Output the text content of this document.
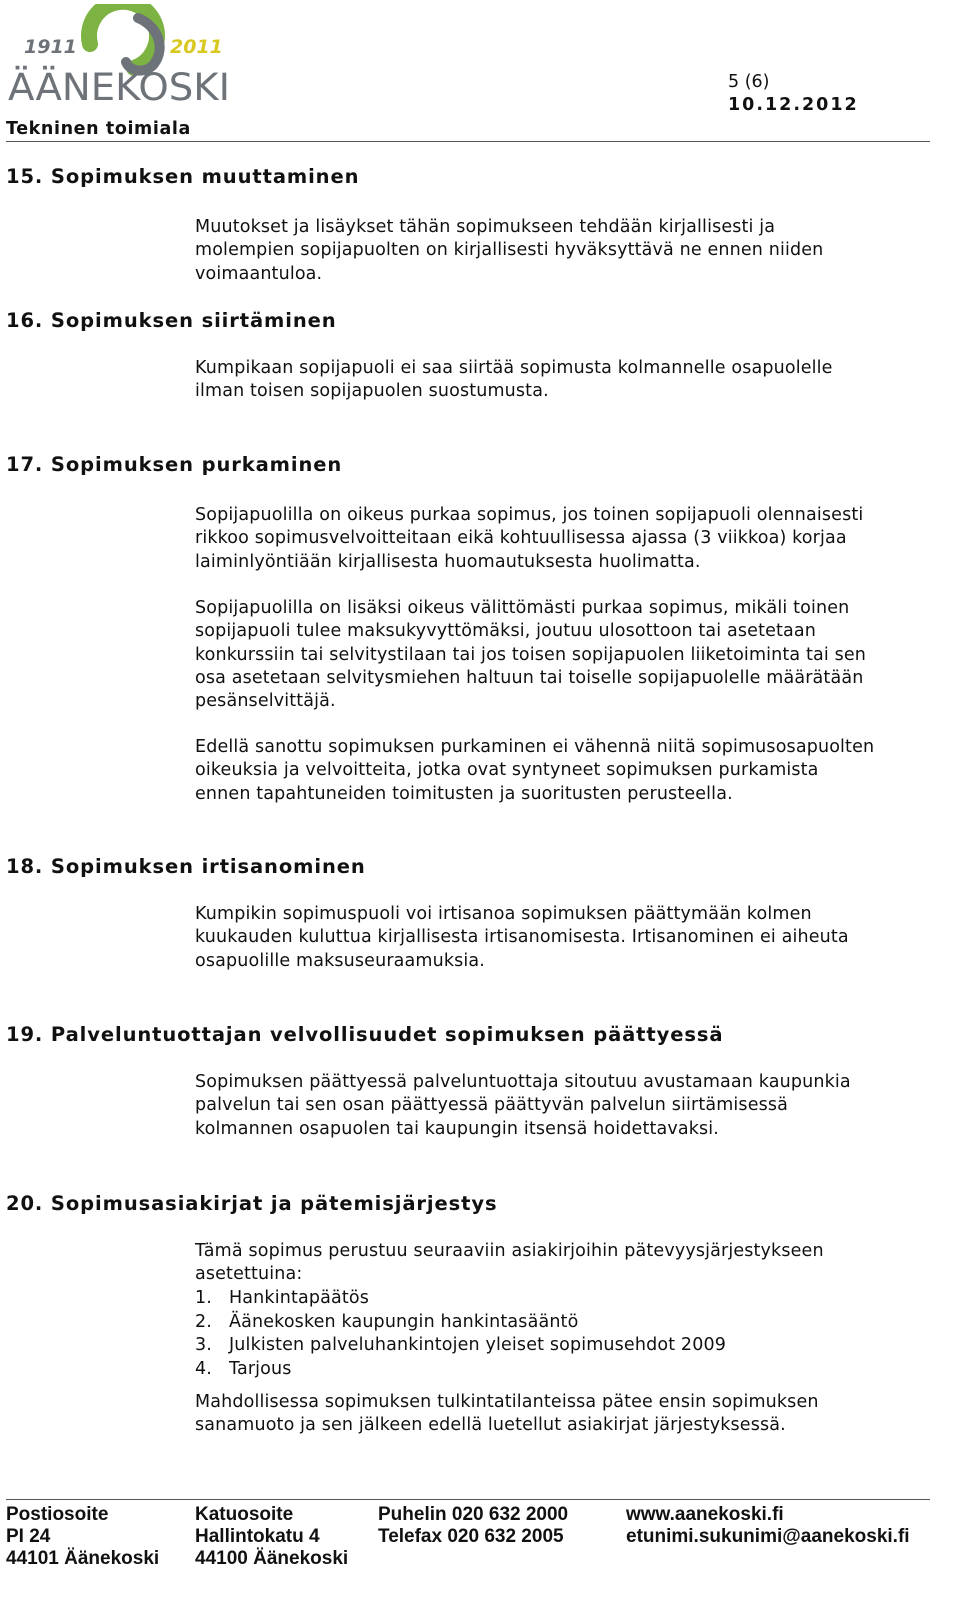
1911	2011
ÄÄNEKOSKI
Tekninen toimiala
5 (6)
10.12.2012
15. Sopimuksen muuttaminen
Muutokset ja lisäykset tähän sopimukseen tehdään kirjallisesti ja
molempien sopijapuolten on kirjallisesti hyväksyttävä ne ennen niiden
voimaantuloa.
16. Sopimuksen siirtäminen
Kumpikaan sopijapuoli ei saa siirtää sopimusta kolmannelle osapuolelle
ilman toisen sopijapuolen suostumusta.
17. Sopimuksen purkaminen
Sopijapuolilla on oikeus purkaa sopimus, jos toinen sopijapuoli olennaisesti
rikkoo sopimusvelvoitteitaan eikä kohtuullisessa ajassa (3 viikkoa) korjaa
laiminlyöntiään kirjallisesta huomautuksesta huolimatta.
Sopijapuolilla on lisäksi oikeus välittömästi purkaa sopimus, mikäli toinen
sopijapuoli tulee maksukyvyttömäksi, joutuu ulosottoon tai asetetaan
konkurssiin tai selvitystilaan tai jos toisen sopijapuolen liiketoiminta tai sen
osa asetetaan selvitysmiehen haltuun tai toiselle sopijapuolelle määrätään
pesänselvittäjä.
Edellä sanottu sopimuksen purkaminen ei vähennä niitä sopimusosapuolten
oikeuksia ja velvoitteita, jotka ovat syntyneet sopimuksen purkamista
ennen tapahtuneiden toimitusten ja suoritusten perusteella.
18. Sopimuksen irtisanominen
Kumpikin sopimuspuoli voi irtisanoa sopimuksen päättymään kolmen
kuukauden kuluttua kirjallisesta irtisanomisesta. Irtisanominen ei aiheuta
osapuolille maksuseuraamuksia.
19. Palveluntuottajan velvollisuudet sopimuksen päättyessä
Sopimuksen päättyessä palveluntuottaja sitoutuu avustamaan kaupunkia
palvelun tai sen osan päättyessä päättyvän palvelun siirtämisessä
kolmannen osapuolen tai kaupungin itsensä hoidettavaksi.
20. Sopimusasiakirjat ja pätemisjärjestys
Tämä sopimus perustuu seuraaviin asiakirjoihin pätevyysjärjestykseen
asetettuina:
1. Hankintapäätös
2. Äänekosken kaupungin hankintasääntö
3. Julkisten palveluhankintojen yleiset sopimusehdot 2009
4. Tarjous
Mahdollisessa sopimuksen tulkintatilanteissa pätee ensin sopimuksen
sanamuoto ja sen jälkeen edellä luetellut asiakirjat järjestyksessä.
Postiosoite
PI 24
44101 Äänekoski
Katuosoite
Hallintokatu 4
44100 Äänekoski
Puhelin 020 632 2000
Telefax 020 632 2005
www.aanekoski.fi
etunimi.sukunimi@aanekoski.fi
